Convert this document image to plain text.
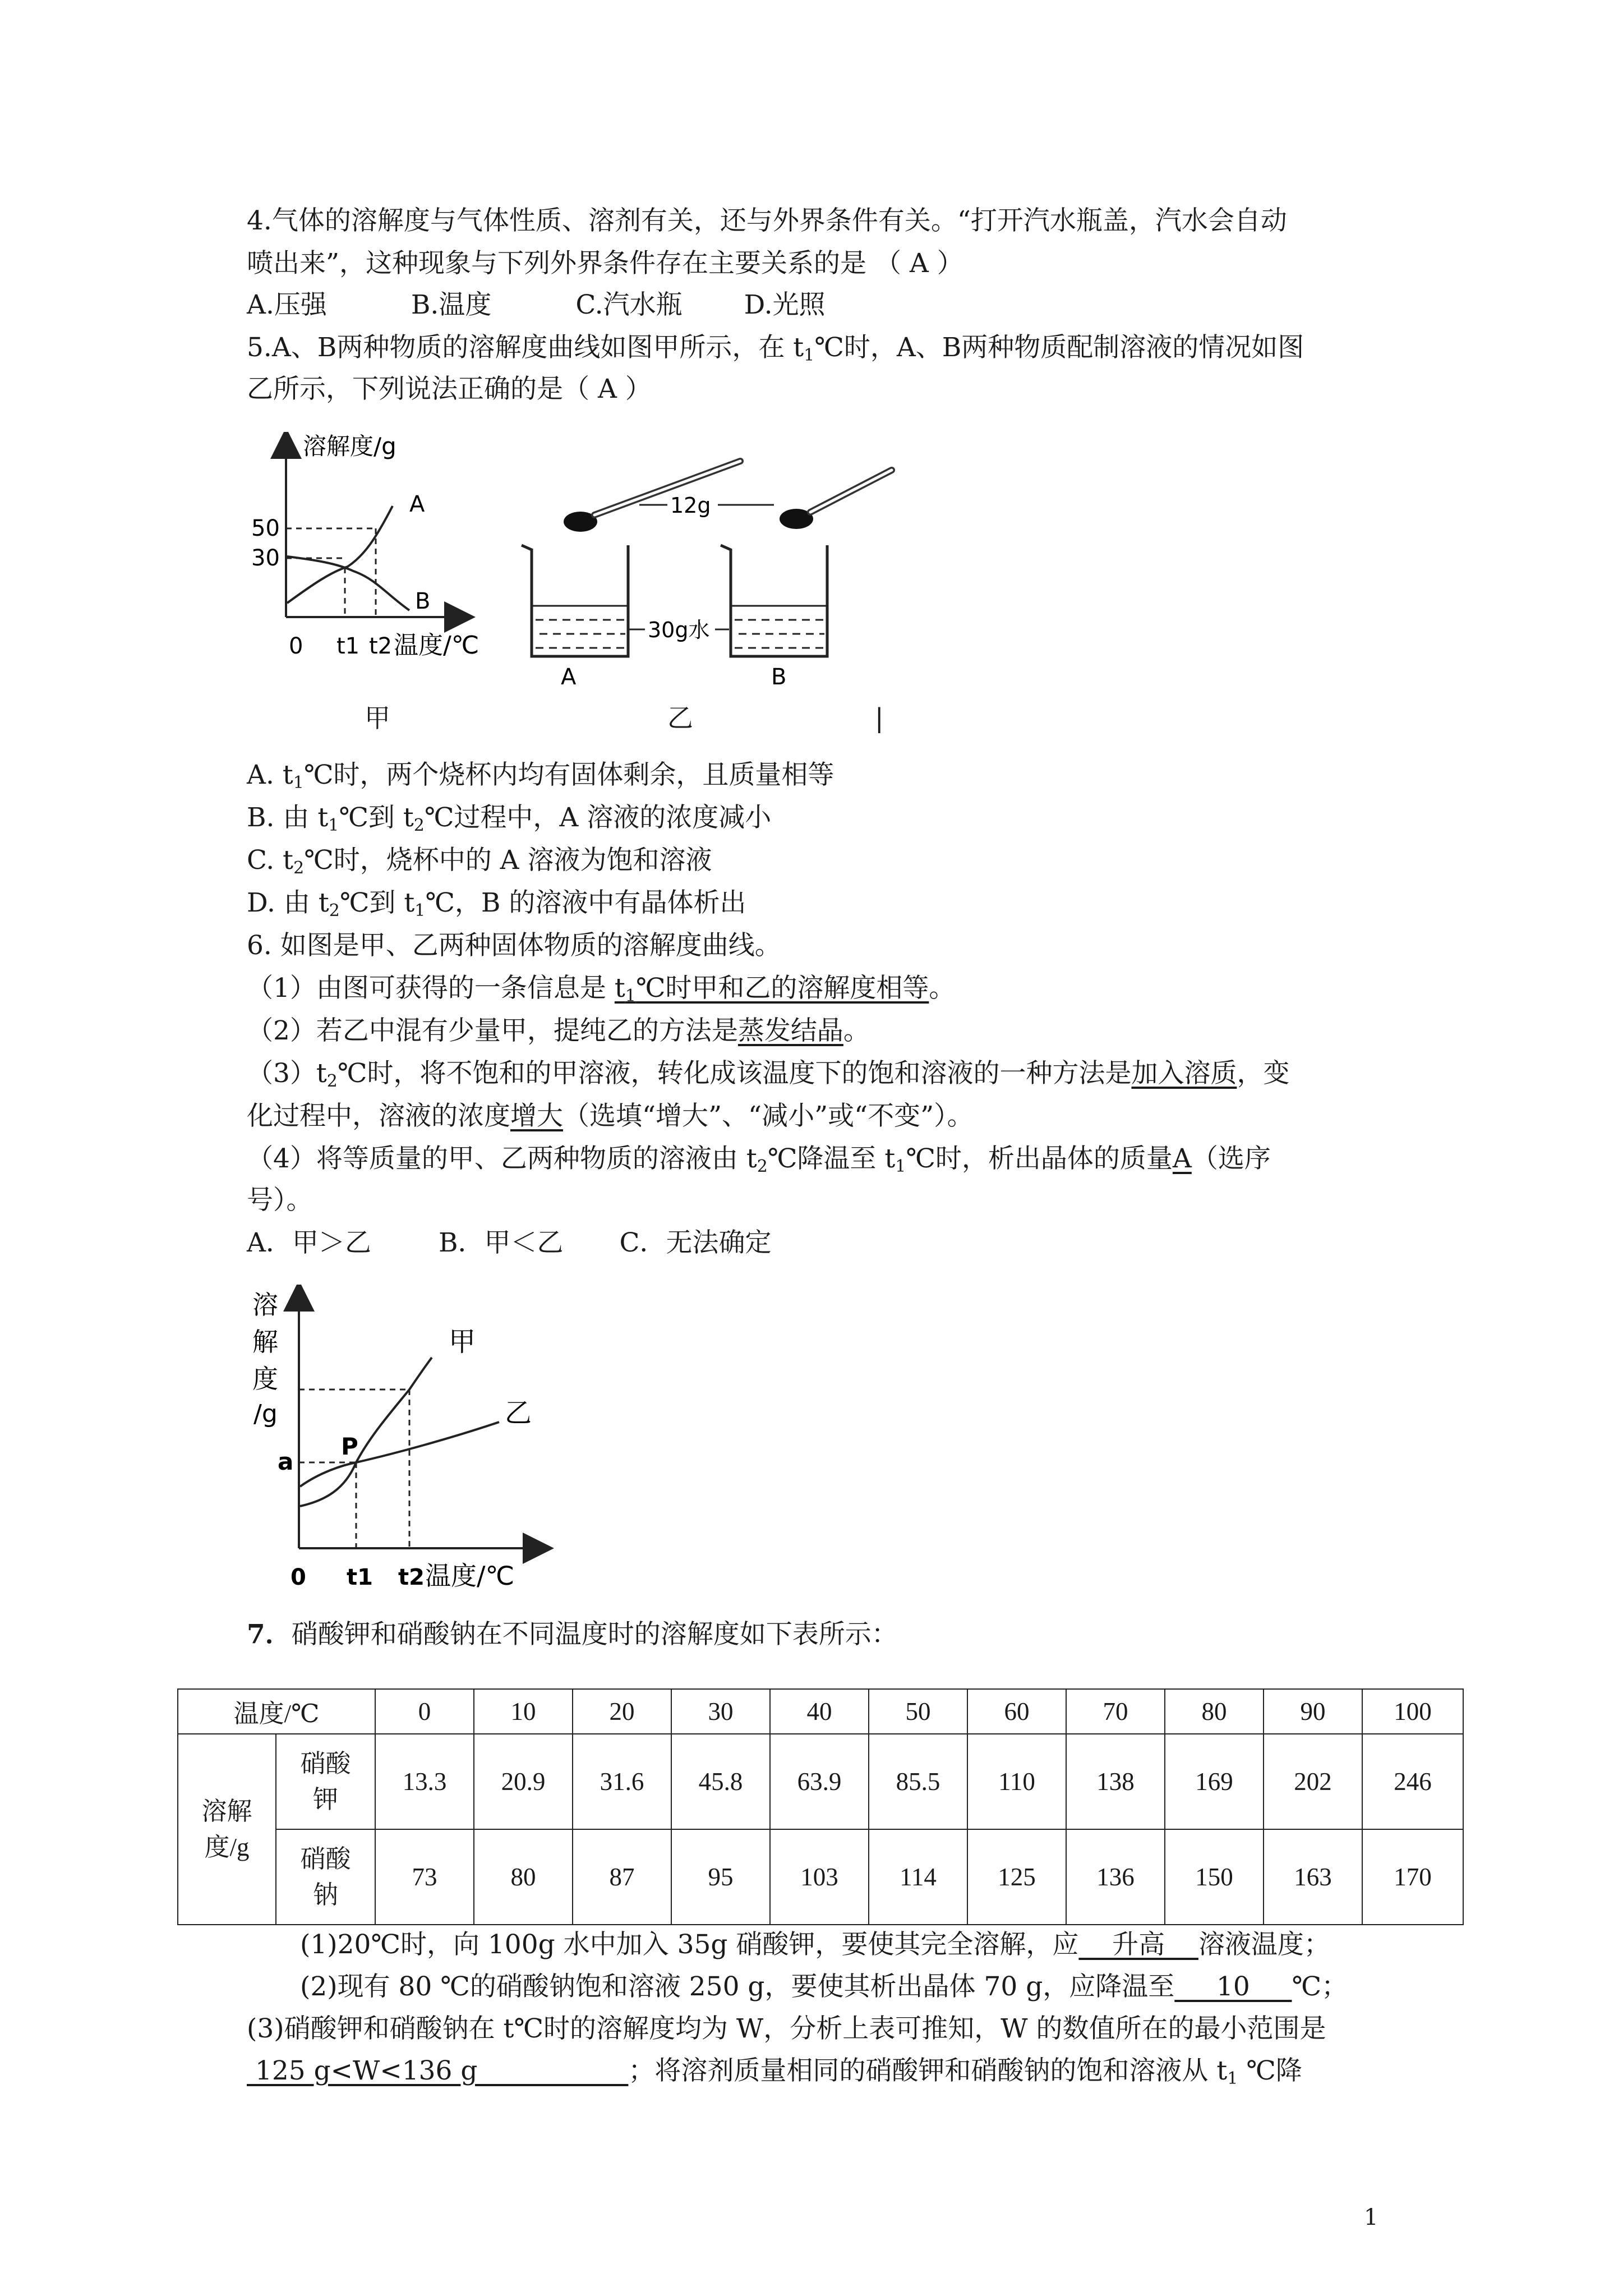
4.气体的溶解度与气体性质、溶剂有关，还与外界条件有关。“打开汽水瓶盖，汽水会自动
喷出来”，这种现象与下列外界条件存在主要关系的是 （ A ）
A.压强	B.温度	C.汽水瓶 D.光照
5.A、B两种物质的溶解度曲线如图甲所示，在 $t_1℃$时，A、B两种物质配制溶液的情况如图
乙所示，下列说法正确的是（ A ）
溶解度/g
50
30
A
B
0 t1 t2 温度/℃
12g
A
30g水
B
甲	乙	|
A. $t_1℃$时，两个烧杯内均有固体剩余，且质量相等
B. 由 $t_1℃$到 $t_2℃$过程中，A 溶液的浓度减小
C. $t_2℃$时，烧杯中的 A 溶液为饱和溶液
D. 由 $t_2℃$到 $t_1℃$，B 的溶液中有晶体析出
6. 如图是甲、乙两种固体物质的溶解度曲线。
（1）由图可获得的一条信息是 $t_1℃$时甲和乙的溶解度相等。
（2）若乙中混有少量甲，提纯乙的方法是蒸发结晶。
$(3)t_2℃$时，将不饱和的甲溶液，转化成该温度下的饱和溶液的一种方法是加入溶质，变
化过程中，溶液的浓度增大（选填“增大”、“减小”或“不变”）。
（4）将等质量的甲、乙两种物质的溶液由 $t_2℃$降温至 $t_1℃$时，析出晶体的质量A（选序
号）。
A．甲＞乙	B．甲＜乙 C．无法确定
溶
解
度
/g
a
P
甲
乙
0 t1 t2 温度/℃
7．硝酸钾和硝酸钠在不同温度时的溶解度如下表所示：
温度/℃		0	10	20	30	40	50	60	70	80	90	100
溶解度/g	硝酸钾	13.3	20.9	31.6	45.8	63.9	85.5	110	138	169	202	246
	硝酸钠	73	80	87	95	103	114	125	136	150	163	170
(1)20℃时，向 100g 水中加入 35g 硝酸钾，要使其完全溶解，应    升高    溶液温度；
(2)现有 80 ℃的硝酸钠饱和溶液 250 g，要使其析出晶体 70 g，应降温至     10     ℃；
(3)硝酸钾和硝酸钠在 t℃时的溶解度均为 W，分析上表可推知，W 的数值所在的最小范围是
125 g<W<136 g                  ；将溶剂质量相同的硝酸钾和硝酸钠的饱和溶液从 $t_1$ ℃降
1
